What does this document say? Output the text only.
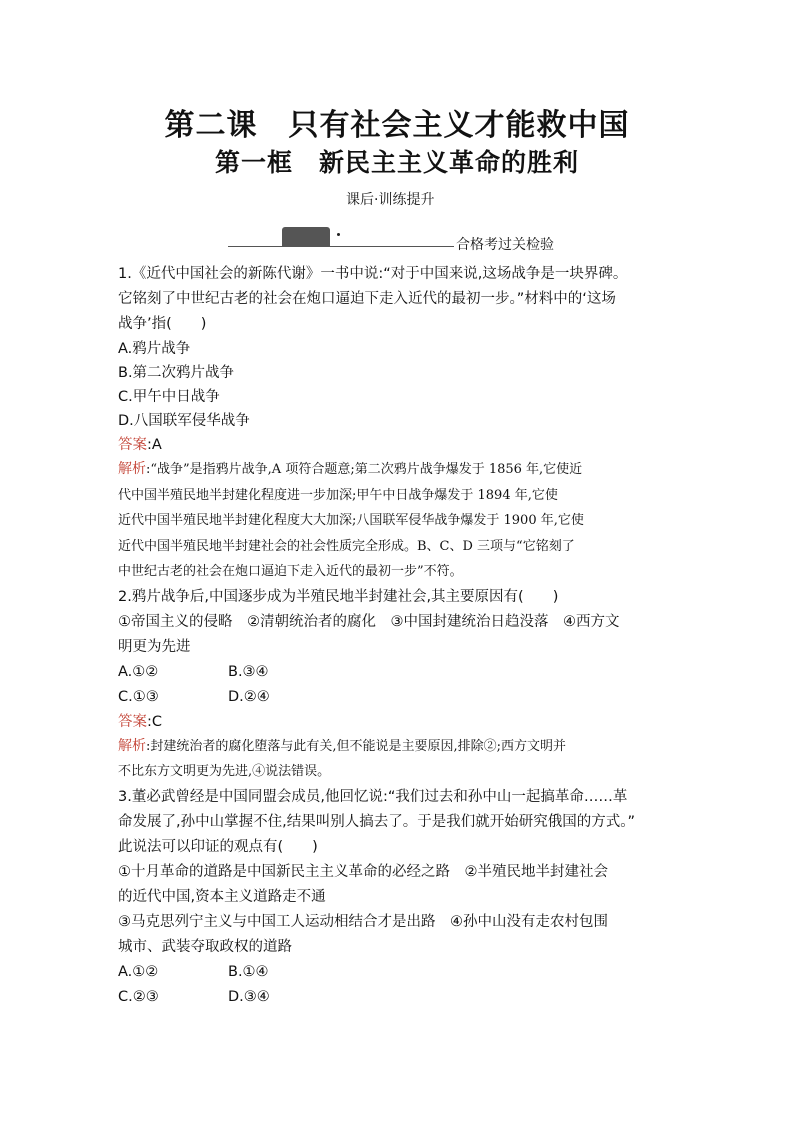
第二课　只有社会主义才能救中国
第一框　新民主主义革命的胜利
课后·训练提升
合格考过关检验

1.《近代中国社会的新陈代谢》一书中说:“对于中国来说,这场战争是一块界碑。

它铭刻了中世纪古老的社会在炮口逼迫下走入近代的最初一步。”材料中的‘这场

战争’指(　　)

A.鸦片战争

B.第二次鸦片战争

C.甲午中日战争

D.八国联军侵华战争

答案:A

解析:“战争”是指鸦片战争,A 项符合题意;第二次鸦片战争爆发于 1856 年,它使近

代中国半殖民地半封建化程度进一步加深;甲午中日战争爆发于 1894 年,它使

近代中国半殖民地半封建化程度大大加深;八国联军侵华战争爆发于 1900 年,它使

近代中国半殖民地半封建社会的社会性质完全形成。B、C、D 三项与“它铭刻了

中世纪古老的社会在炮口逼迫下走入近代的最初一步”不符。

2.鸦片战争后,中国逐步成为半殖民地半封建社会,其主要原因有(　　)

①帝国主义的侵略　②清朝统治者的腐化　③中国封建统治日趋没落　④西方文

明更为先进

A.①②	B.③④
C.①③	D.②④

答案:C

解析:封建统治者的腐化堕落与此有关,但不能说是主要原因,排除②;西方文明并

不比东方文明更为先进,④说法错误。

3.董必武曾经是中国同盟会成员,他回忆说:“我们过去和孙中山一起搞革命……革

命发展了,孙中山掌握不住,结果叫别人搞去了。于是我们就开始研究俄国的方式。”

此说法可以印证的观点有(　　)

①十月革命的道路是中国新民主主义革命的必经之路　②半殖民地半封建社会

的近代中国,资本主义道路走不通

③马克思列宁主义与中国工人运动相结合才是出路　④孙中山没有走农村包围

城市、武装夺取政权的道路

A.①②	B.①④
C.②③	D.③④
